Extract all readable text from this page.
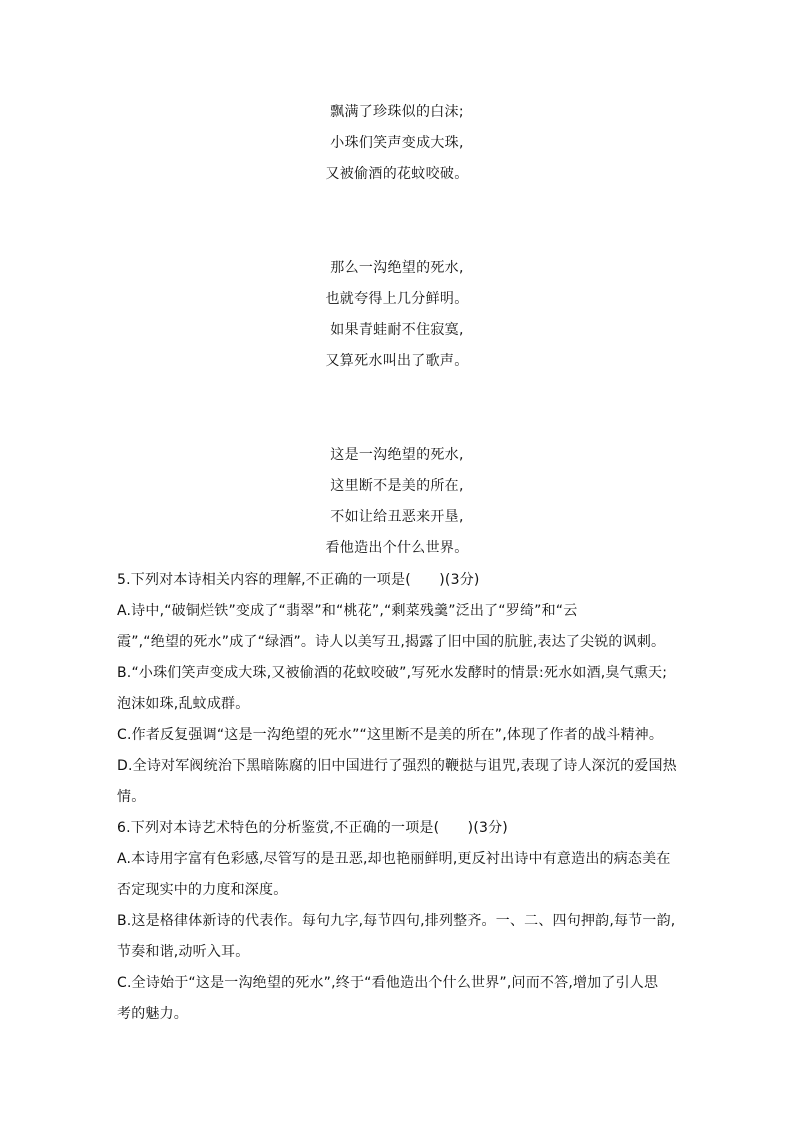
飘满了珍珠似的白沫;
小珠们笑声变成大珠,
又被偷酒的花蚊咬破。
那么一沟绝望的死水,
也就夸得上几分鲜明。
如果青蛙耐不住寂寞,
又算死水叫出了歌声。
这是一沟绝望的死水,
这里断不是美的所在,
不如让给丑恶来开垦,
看他造出个什么世界。
5.下列对本诗相关内容的理解,不正确的一项是(　　)(3分)
A.诗中,“破铜烂铁”变成了“翡翠”和“桃花”,“剩菜残羹”泛出了“罗绮”和“云
霞”,“绝望的死水”成了“绿酒”。诗人以美写丑,揭露了旧中国的肮脏,表达了尖锐的讽刺。
B.“小珠们笑声变成大珠,又被偷酒的花蚊咬破”,写死水发酵时的情景:死水如酒,臭气熏天;
泡沫如珠,乱蚊成群。
C.作者反复强调“这是一沟绝望的死水”“这里断不是美的所在”,体现了作者的战斗精神。
D.全诗对军阀统治下黑暗陈腐的旧中国进行了强烈的鞭挞与诅咒,表现了诗人深沉的爱国热
情。
6.下列对本诗艺术特色的分析鉴赏,不正确的一项是(　　)(3分)
A.本诗用字富有色彩感,尽管写的是丑恶,却也艳丽鲜明,更反衬出诗中有意造出的病态美在
否定现实中的力度和深度。
B.这是格律体新诗的代表作。每句九字,每节四句,排列整齐。一、二、四句押韵,每节一韵,
节奏和谐,动听入耳。
C.全诗始于“这是一沟绝望的死水”,终于“看他造出个什么世界”,问而不答,增加了引人思
考的魅力。
